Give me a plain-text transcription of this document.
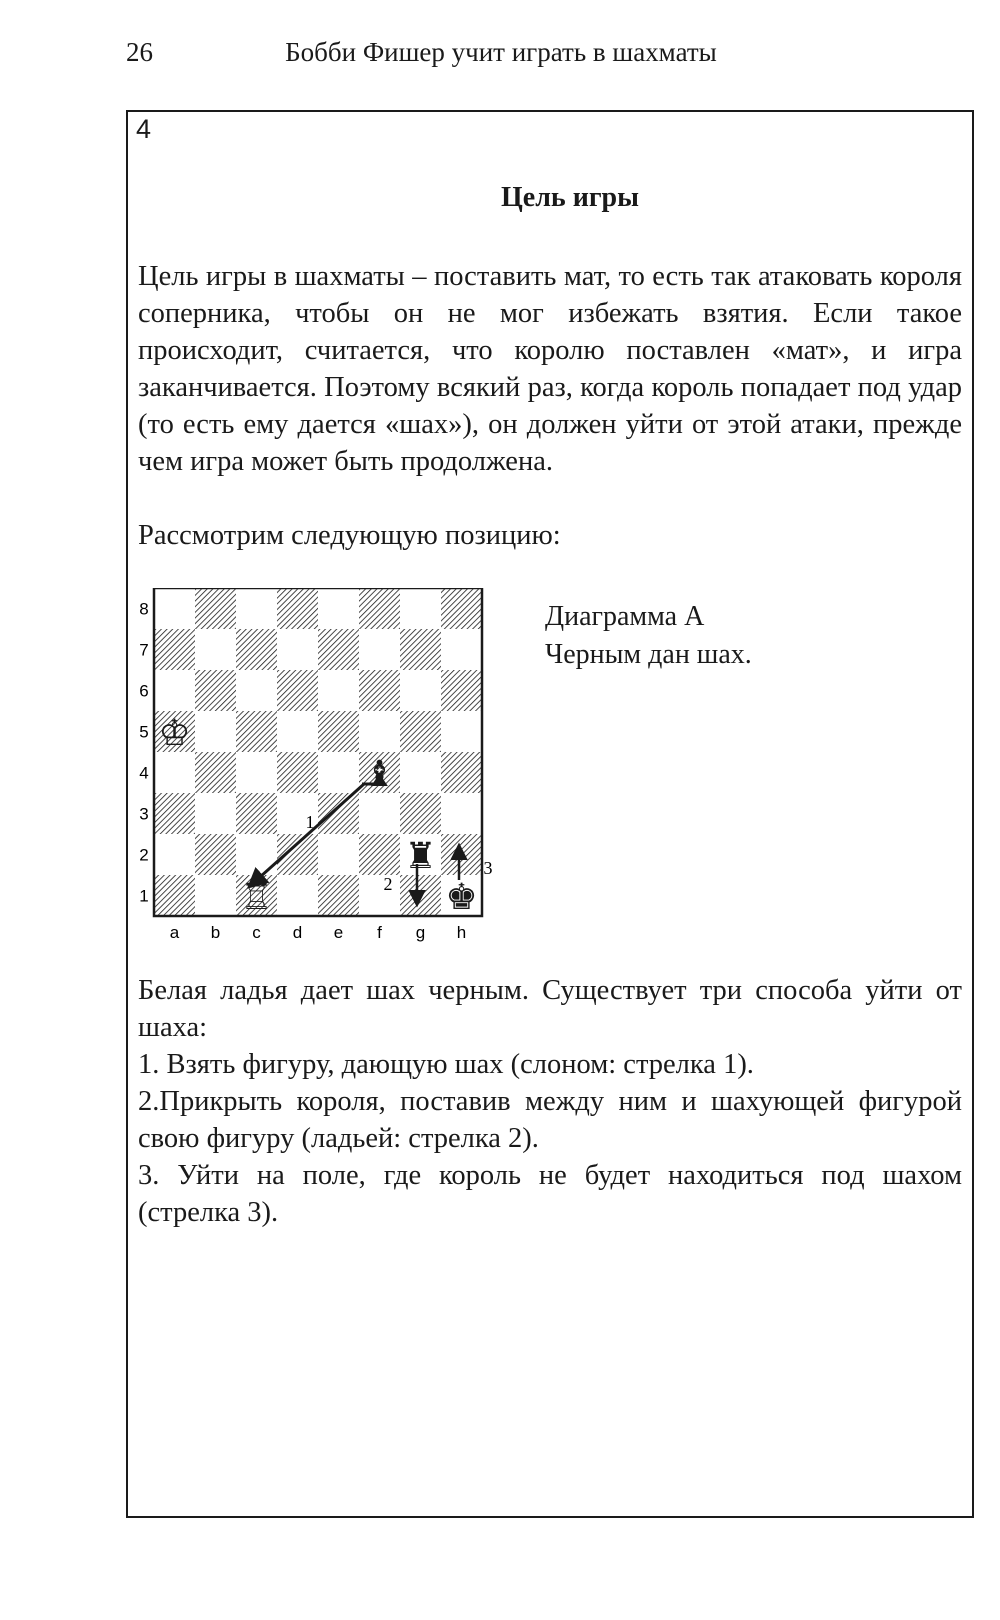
26	Бобби Фишер учит играть в шахматы
4
Цель игры
Цель игры в шахматы – поставить мат, то есть так атаковать короля соперника, чтобы он не мог избежать взятия. Если такое происходит, считается, что королю поставлен «мат», и игра заканчивается. Поэтому всякий раз, когда король попадает под удар (то есть ему дается «шах»), он должен уйти от этой атаки, прежде чем игра может быть продолжена.
Рассмотрим следующую позицию:
8
7
6
5
4
3
2
1
a b c d e f g h
1
2
3
♔
♝
♜
♖	♚
Диаграмма А
Черным дан шах.

Белая ладья дает шах черным. Существует три способа уйти от шаха:

1. Взять фигуру, дающую шах (слоном: стрелка 1).

2.Прикрыть короля, поставив между ним и шахующей фигурой свою фигуру (ладьей: стрелка 2).

3. Уйти на поле, где король не будет находиться под шахом (стрелка 3).
